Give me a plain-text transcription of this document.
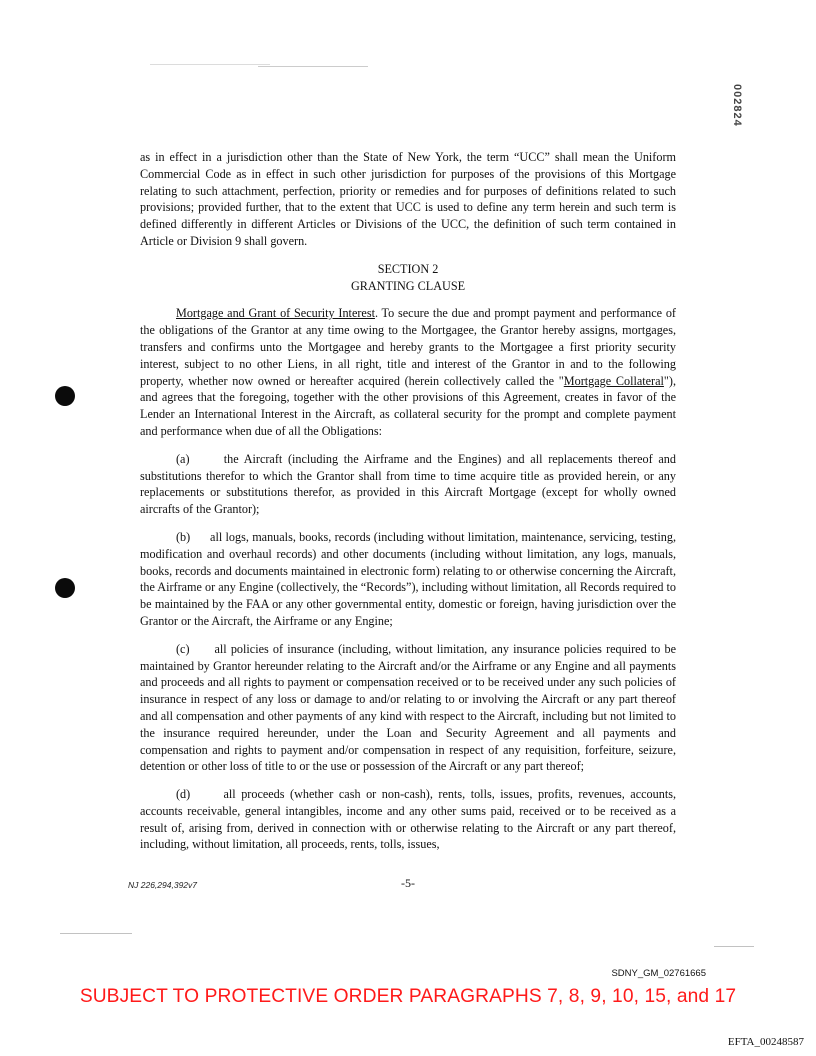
002824

as in effect in a jurisdiction other than the State of New York, the term “UCC” shall mean the Uniform Commercial Code as in effect in such other jurisdiction for purposes of the provisions of this Mortgage relating to such attachment, perfection, priority or remedies and for purposes of definitions related to such provisions; provided further, that to the extent that UCC is used to define any term herein and such term is defined differently in different Articles or Divisions of the UCC, the definition of such term contained in Article or Division 9 shall govern.

SECTION 2

GRANTING CLAUSE

Mortgage and Grant of Security Interest. To secure the due and prompt payment and performance of the obligations of the Grantor at any time owing to the Mortgagee, the Grantor hereby assigns, mortgages, transfers and confirms unto the Mortgagee and hereby grants to the Mortgagee a first priority security interest, subject to no other Liens, in all right, title and interest of the Grantor in and to the following property, whether now owned or hereafter acquired (herein collectively called the "Mortgage Collateral"), and agrees that the foregoing, together with the other provisions of this Agreement, creates in favor of the Lender an International Interest in the Aircraft, as collateral security for the prompt and complete payment and performance when due of all the Obligations:

(a)	the Aircraft (including the Airframe and the Engines) and all replacements thereof and substitutions therefor to which the Grantor shall from time to time acquire title as provided herein, or any replacements or substitutions therefor, as provided in this Aircraft Mortgage (except for wholly owned aircrafts of the Grantor);

(b) all logs, manuals, books, records (including without limitation, maintenance, servicing, testing, modification and overhaul records) and other documents (including without limitation, any logs, manuals, books, records and documents maintained in electronic form) relating to or otherwise concerning the Aircraft, the Airframe or any Engine (collectively, the “Records”), including without limitation, all Records required to be maintained by the FAA or any other governmental entity, domestic or foreign, having jurisdiction over the Grantor or the Aircraft, the Airframe or any Engine;

(c) all policies of insurance (including, without limitation, any insurance policies required to be maintained by Grantor hereunder relating to the Aircraft and/or the Airframe or any Engine and all payments and proceeds and all rights to payment or compensation received or to be received under any such policies of insurance in respect of any loss or damage to and/or relating to or involving the Aircraft or any part thereof and all compensation and other payments of any kind with respect to the Aircraft, including but not limited to the insurance required hereunder, under the Loan and Security Agreement and all payments and compensation and rights to payment and/or compensation in respect of any requisition, forfeiture, seizure, detention or other loss of title to or the use or possession of the Aircraft or any part thereof;

(d)	all proceeds (whether cash or non-cash), rents, tolls, issues, profits, revenues, accounts, accounts receivable, general intangibles, income and any other sums paid, received or to be received as a result of, arising from, derived in connection with or otherwise relating to the Aircraft or any part thereof, including, without limitation, all proceeds, rents, tolls, issues,

NJ 226,294,392v7	-5-
SDNY_GM_02761665
SUBJECT TO PROTECTIVE ORDER PARAGRAPHS 7, 8, 9, 10, 15, and 17
EFTA_00248587
